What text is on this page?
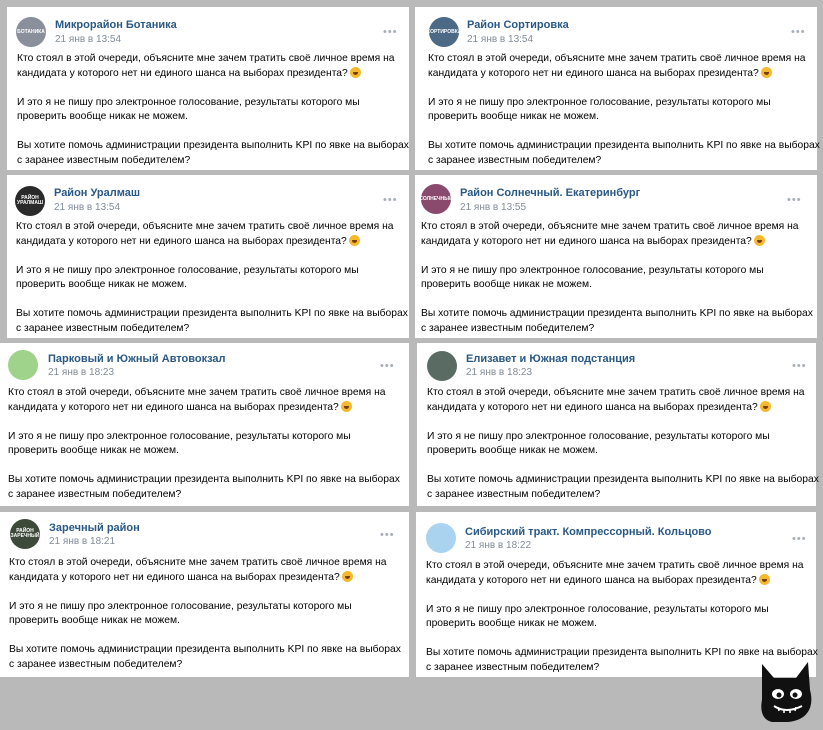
БОТАНИКА
Микрорайон Ботаника
21 янв в 13:54
•••

Кто стоял в этой очереди, объясните мне зачем тратить своё личное время на кандидата у которого нет ни единого шанса на выборах президента?

И это я не пишу про электронное голосование, результаты которого мы проверить вообще никак не можем.

Вы хотите помочь администрации президента выполнить KPI по явке на выборах с заранее известным победителем?

СОРТИРОВКА
Район Сортировка
21 янв в 13:54
•••

Кто стоял в этой очереди, объясните мне зачем тратить своё личное время на кандидата у которого нет ни единого шанса на выборах президента?

И это я не пишу про электронное голосование, результаты которого мы проверить вообще никак не можем.

Вы хотите помочь администрации президента выполнить KPI по явке на выборах с заранее известным победителем?

РАЙОН УРАЛМАШ
Район Уралмаш
21 янв в 13:54
•••

Кто стоял в этой очереди, объясните мне зачем тратить своё личное время на кандидата у которого нет ни единого шанса на выборах президента?

И это я не пишу про электронное голосование, результаты которого мы проверить вообще никак не можем.

Вы хотите помочь администрации президента выполнить KPI по явке на выборах с заранее известным победителем?

СОЛНЕЧНЫЙ Район Солнечный. Екатеринбург
21 янв в 13:55
•••

Кто стоял в этой очереди, объясните мне зачем тратить своё личное время на кандидата у которого нет ни единого шанса на выборах президента?

И это я не пишу про электронное голосование, результаты которого мы проверить вообще никак не можем.

Вы хотите помочь администрации президента выполнить KPI по явке на выборах с заранее известным победителем?

Парковый и Южный Автовокзал
21 янв в 18:23
•••

Кто стоял в этой очереди, объясните мне зачем тратить своё личное время на кандидата у которого нет ни единого шанса на выборах президента?

И это я не пишу про электронное голосование, результаты которого мы проверить вообще никак не можем.

Вы хотите помочь администрации президента выполнить KPI по явке на выборах с заранее известным победителем?

Елизавет и Южная подстанция
21 янв в 18:23
•••

Кто стоял в этой очереди, объясните мне зачем тратить своё личное время на кандидата у которого нет ни единого шанса на выборах президента?

И это я не пишу про электронное голосование, результаты которого мы проверить вообще никак не можем.

Вы хотите помочь администрации президента выполнить KPI по явке на выборах с заранее известным победителем?

РАЙОН ЗАРЕЧНЫЙ
Заречный район
21 янв в 18:21
•••

Кто стоял в этой очереди, объясните мне зачем тратить своё личное время на кандидата у которого нет ни единого шанса на выборах президента?

И это я не пишу про электронное голосование, результаты которого мы проверить вообще никак не можем.

Вы хотите помочь администрации президента выполнить KPI по явке на выборах с заранее известным победителем?

Сибирский тракт. Компрессорный. Кольцово
21 янв в 18:22
•••

Кто стоял в этой очереди, объясните мне зачем тратить своё личное время на кандидата у которого нет ни единого шанса на выборах президента?

И это я не пишу про электронное голосование, результаты которого мы проверить вообще никак не можем.

Вы хотите помочь администрации президента выполнить KPI по явке на выборах с заранее известным победителем?
